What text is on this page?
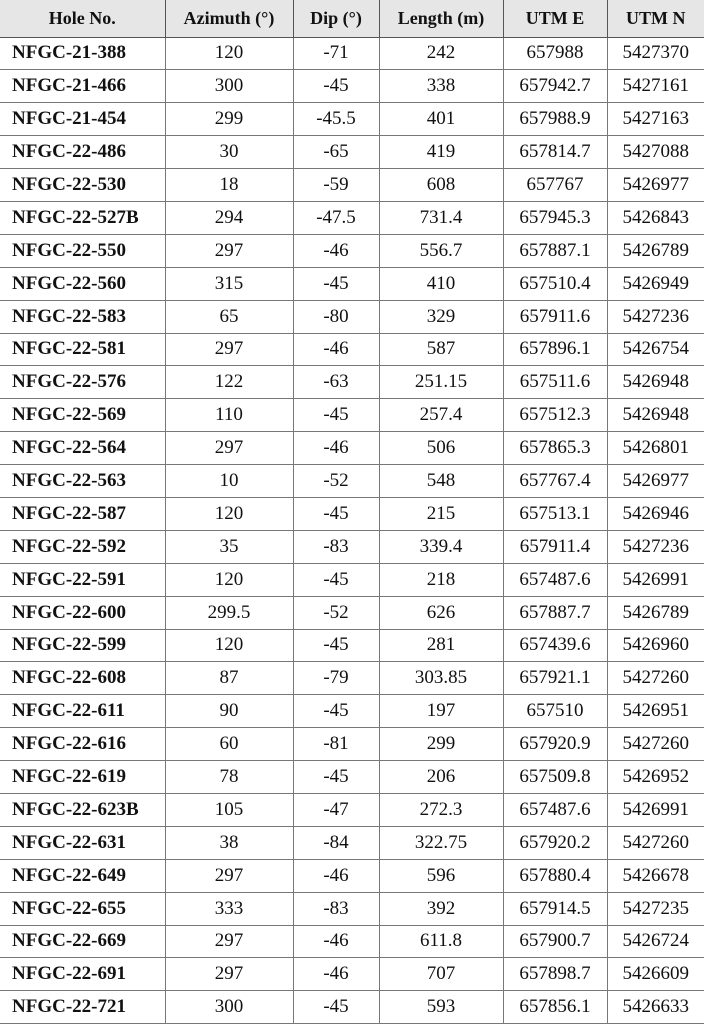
Hole No.	Azimuth (°)	Dip (°)	Length (m)	UTM E	UTM N
NFGC-21-388	120	-71	242	657988	5427370
NFGC-21-466	300	-45	338	657942.7	5427161
NFGC-21-454	299	-45.5	401	657988.9	5427163
NFGC-22-486	30	-65	419	657814.7	5427088
NFGC-22-530	18	-59	608	657767	5426977
NFGC-22-527B	294	-47.5	731.4	657945.3	5426843
NFGC-22-550	297	-46	556.7	657887.1	5426789
NFGC-22-560	315	-45	410	657510.4	5426949
NFGC-22-583	65	-80	329	657911.6	5427236
NFGC-22-581	297	-46	587	657896.1	5426754
NFGC-22-576	122	-63	251.15	657511.6	5426948
NFGC-22-569	110	-45	257.4	657512.3	5426948
NFGC-22-564	297	-46	506	657865.3	5426801
NFGC-22-563	10	-52	548	657767.4	5426977
NFGC-22-587	120	-45	215	657513.1	5426946
NFGC-22-592	35	-83	339.4	657911.4	5427236
NFGC-22-591	120	-45	218	657487.6	5426991
NFGC-22-600	299.5	-52	626	657887.7	5426789
NFGC-22-599	120	-45	281	657439.6	5426960
NFGC-22-608	87	-79	303.85	657921.1	5427260
NFGC-22-611	90	-45	197	657510	5426951
NFGC-22-616	60	-81	299	657920.9	5427260
NFGC-22-619	78	-45	206	657509.8	5426952
NFGC-22-623B	105	-47	272.3	657487.6	5426991
NFGC-22-631	38	-84	322.75	657920.2	5427260
NFGC-22-649	297	-46	596	657880.4	5426678
NFGC-22-655	333	-83	392	657914.5	5427235
NFGC-22-669	297	-46	611.8	657900.7	5426724
NFGC-22-691	297	-46	707	657898.7	5426609
NFGC-22-721	300	-45	593	657856.1	5426633
